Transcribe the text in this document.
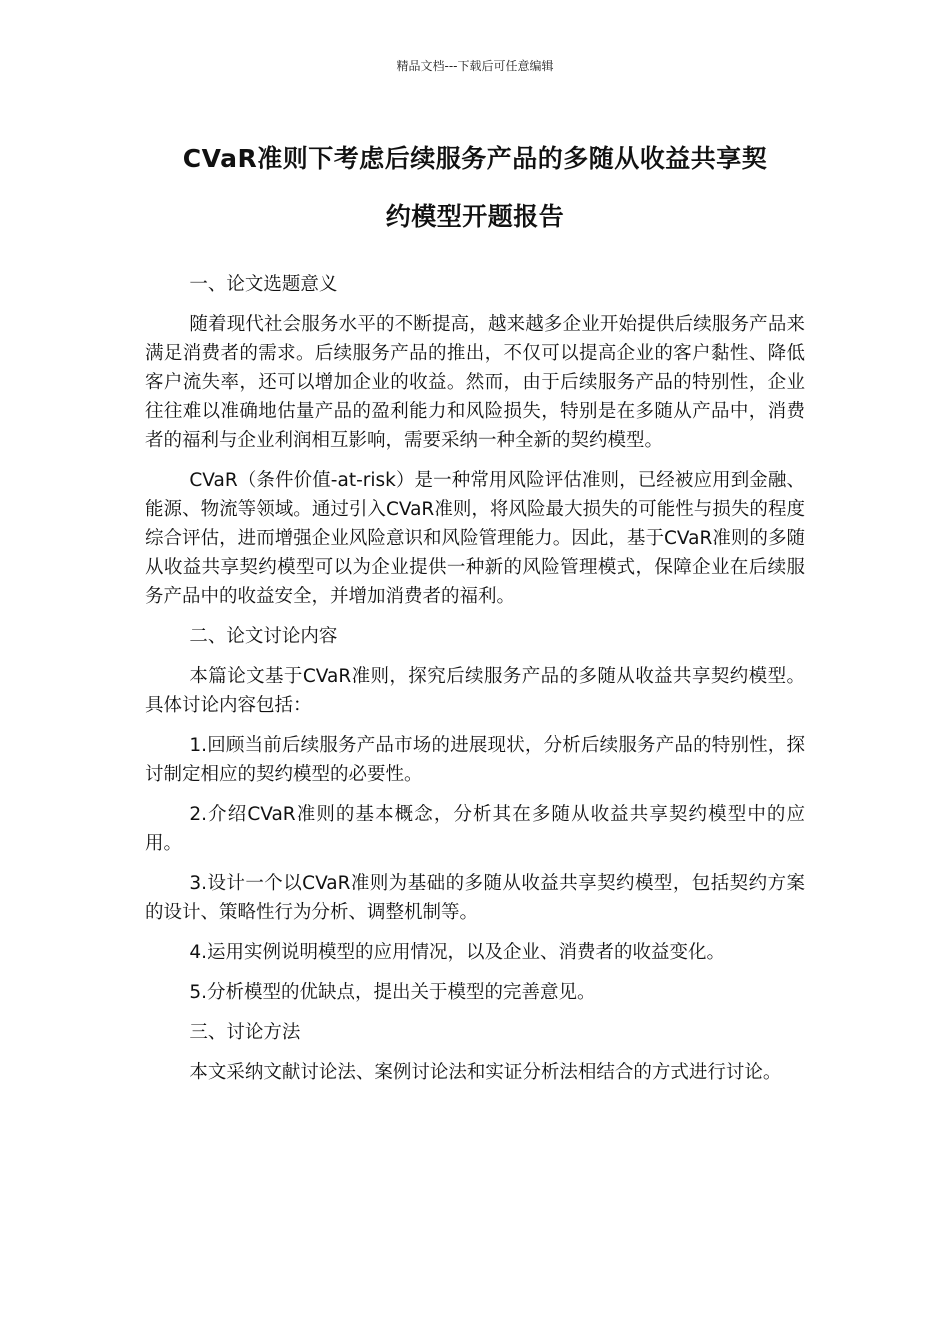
精品文档---下载后可任意编辑
CVaR准则下考虑后续服务产品的多随从收益共享契
约模型开题报告

一、论文选题意义

随着现代社会服务水平的不断提高，越来越多企业开始提供后续服务产品来满足消费者的需求。后续服务产品的推出，不仅可以提高企业的客户黏性、降低客户流失率，还可以增加企业的收益。然而，由于后续服务产品的特别性，企业往往难以准确地估量产品的盈利能力和风险损失，特别是在多随从产品中，消费者的福利与企业利润相互影响，需要采纳一种全新的契约模型。

CVaR（条件价值-at-risk）是一种常用风险评估准则，已经被应用到金融、能源、物流等领域。通过引入CVaR准则，将风险最大损失的可能性与损失的程度综合评估，进而增强企业风险意识和风险管理能力。因此，基于CVaR准则的多随从收益共享契约模型可以为企业提供一种新的风险管理模式，保障企业在后续服务产品中的收益安全，并增加消费者的福利。

二、论文讨论内容

本篇论文基于CVaR准则，探究后续服务产品的多随从收益共享契约模型。具体讨论内容包括：

1.回顾当前后续服务产品市场的进展现状，分析后续服务产品的特别性，探讨制定相应的契约模型的必要性。

2.介绍CVaR准则的基本概念，分析其在多随从收益共享契约模型中的应用。

3.设计一个以CVaR准则为基础的多随从收益共享契约模型，包括契约方案的设计、策略性行为分析、调整机制等。

4.运用实例说明模型的应用情况，以及企业、消费者的收益变化。

5.分析模型的优缺点，提出关于模型的完善意见。

三、讨论方法

本文采纳文献讨论法、案例讨论法和实证分析法相结合的方式进行讨论。
